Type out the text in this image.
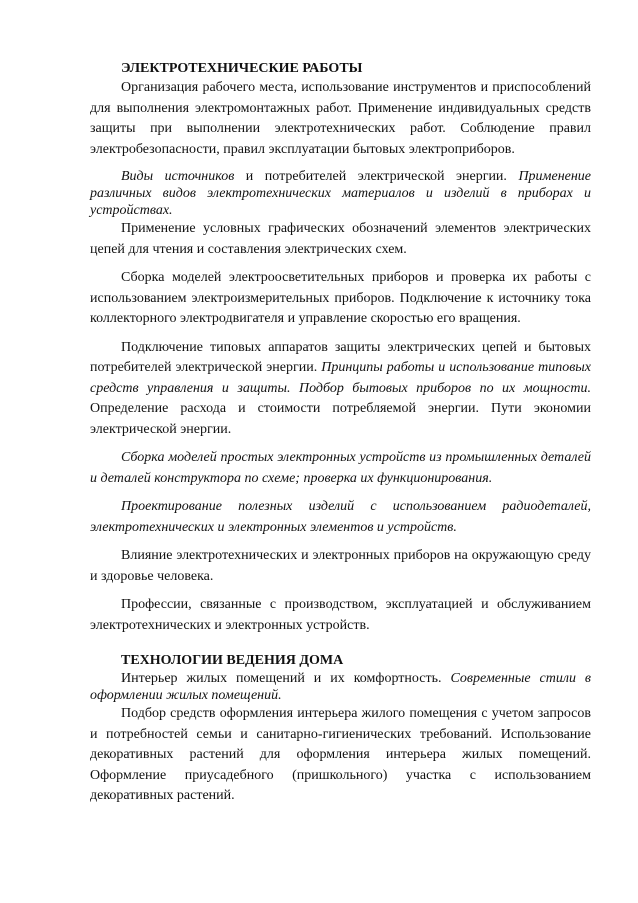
ЭЛЕКТРОТЕХНИЧЕСКИЕ РАБОТЫ

Организация рабочего места, использование инструментов и приспособлений для выполнения электромонтажных работ. Применение индивидуальных средств защиты при выполнении электротехнических работ. Соблюдение правил электробезопасности, правил эксплуатации бытовых электроприборов.

Виды источников и потребителей электрической энергии. Применение различных видов электротехнических материалов и изделий в приборах и устройствах.

Применение условных графических обозначений элементов электрических цепей для чтения и составления электрических схем.

Сборка моделей электроосветительных приборов и проверка их работы с использованием электроизмерительных приборов. Подключение к источнику тока коллекторного электродвигателя и управление скоростью его вращения.

Подключение типовых аппаратов защиты электрических цепей и бытовых потребителей электрической энергии. Принципы работы и использование типовых средств управления и защиты. Подбор бытовых приборов по их мощности. Определение расхода и стоимости потребляемой энергии. Пути экономии электрической энергии.

Сборка моделей простых электронных устройств из промышленных деталей и деталей конструктора по схеме; проверка их функционирования.

Проектирование полезных изделий с использованием радиодеталей, электротехнических и электронных элементов и устройств.

Влияние электротехнических и электронных приборов на окружающую среду и здоровье человека.

Профессии, связанные с производством, эксплуатацией и обслуживанием электротехнических и электронных устройств.

ТЕХНОЛОГИИ ВЕДЕНИЯ ДОМА

Интерьер жилых помещений и их комфортность. Современные стили в оформлении жилых помещений.

Подбор средств оформления интерьера жилого помещения с учетом запросов и потребностей семьи и санитарно-гигиенических требований. Использование декоративных растений для оформления интерьера жилых помещений. Оформление приусадебного (пришкольного) участка с использованием декоративных растений.
